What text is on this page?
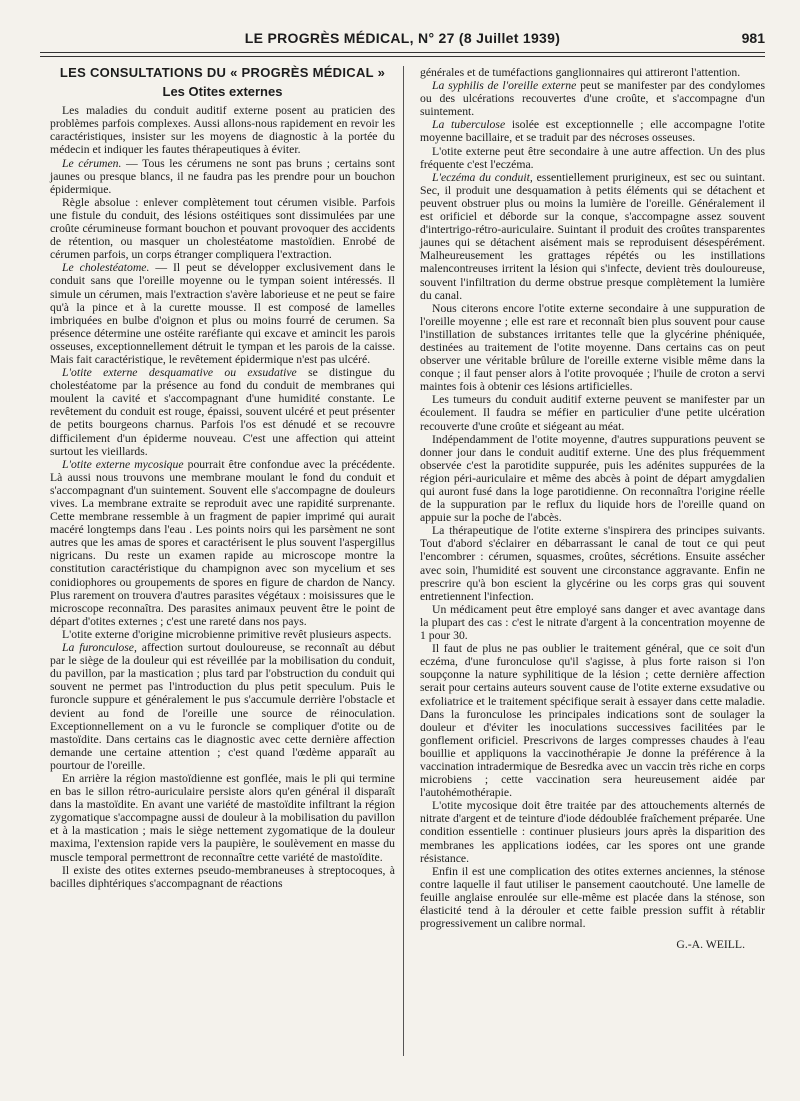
LE PROGRÈS MÉDICAL, N° 27 (8 Juillet 1939)	981
LES CONSULTATIONS DU « PROGRÈS MÉDICAL »
Les Otites externes

Les maladies du conduit auditif externe posent au praticien des problèmes parfois complexes. Aussi allons-nous rapidement en revoir les caractéristiques, insister sur les moyens de diagnostic à la portée du médecin et indiquer les fautes thérapeutiques à éviter.

Le cérumen. — Tous les cérumens ne sont pas bruns ; certains sont jaunes ou presque blancs, il ne faudra pas les prendre pour un bouchon épidermique.

Règle absolue : enlever complètement tout cérumen visible. Parfois une fistule du conduit, des lésions ostéitiques sont dissimulées par une croûte cérumineuse formant bouchon et pouvant provoquer des accidents de rétention, ou masquer un cholestéatome mastoïdien. Enrobé de cérumen parfois, un corps étranger compliquera l'extraction.

Le cholestéatome. — Il peut se développer exclusivement dans le conduit sans que l'oreille moyenne ou le tympan soient intéressés. Il simule un cérumen, mais l'extraction s'avère laborieuse et ne peut se faire qu'à la pince et à la curette mousse. Il est composé de lamelles imbriquées en bulbe d'oignon et plus ou moins fourré de cerumen. Sa présence détermine une ostéite raréfiante qui excave et amincit les parois osseuses, exceptionnellement détruit le tympan et les parois de la caisse. Mais fait caractéristique, le revêtement épidermique n'est pas ulcéré.

L'otite externe desquamative ou exsudative se distingue du cholestéatome par la présence au fond du conduit de membranes qui moulent la cavité et s'accompagnant d'une humidité constante. Le revêtement du conduit est rouge, épaissi, souvent ulcéré et peut présenter de petits bourgeons charnus. Parfois l'os est dénudé et se recouvre difficilement d'un épiderme nouveau. C'est une affection qui atteint surtout les vieillards.

L'otite externe mycosique pourrait être confondue avec la précédente. Là aussi nous trouvons une membrane moulant le fond du conduit et s'accompagnant d'un suintement. Souvent elle s'accompagne de douleurs vives. La membrane extraite se reproduit avec une rapidité surprenante. Cette membrane ressemble à un fragment de papier imprimé qui aurait macéré longtemps dans l'eau . Les points noirs qui les parsèment ne sont autres que les amas de spores et caractérisent le plus souvent l'aspergillus nigricans. Du reste un examen rapide au microscope montre la constitution caractéristique du champignon avec son mycelium et ses conidiophores ou groupements de spores en figure de chardon de Nancy. Plus rarement on trouvera d'autres parasites végétaux : moisissures que le microscope reconnaîtra. Des parasites animaux peuvent être le point de départ d'otites externes ; c'est une rareté dans nos pays.

L'otite externe d'origine microbienne primitive revêt plusieurs aspects.

La furonculose, affection surtout douloureuse, se reconnaît au début par le siège de la douleur qui est réveillée par la mobilisation du conduit, du pavillon, par la mastication ; plus tard par l'obstruction du conduit qui souvent ne permet pas l'introduction du plus petit speculum. Puis le furoncle suppure et généralement le pus s'accumule derrière l'obstacle et devient au fond de l'oreille une source de réinoculation. Exceptionnellement on a vu le furoncle se compliquer d'otite ou de mastoïdite. Dans certains cas le diagnostic avec cette dernière affection demande une certaine attention ; c'est quand l'œdème apparaît au pourtour de l'oreille.

En arrière la région mastoïdienne est gonflée, mais le pli qui termine en bas le sillon rétro-auriculaire persiste alors qu'en général il disparaît dans la mastoïdite. En avant une variété de mastoïdite infiltrant la région zygomatique s'accompagne aussi de douleur à la mobilisation du pavillon et à la mastication ; mais le siège nettement zygomatique de la douleur maxima, l'extension rapide vers la paupière, le soulèvement en masse du muscle temporal permettront de reconnaître cette variété de mastoïdite.

Il existe des otites externes pseudo-membraneuses à streptocoques, à bacilles diphtériques s'accompagnant de réactions

générales et de tuméfactions ganglionnaires qui attireront l'attention.

La syphilis de l'oreille externe peut se manifester par des condylomes ou des ulcérations recouvertes d'une croûte, et s'accompagne d'un suintement.

La tuberculose isolée est exceptionnelle ; elle accompagne l'otite moyenne bacillaire, et se traduit par des nécroses osseuses.

L'otite externe peut être secondaire à une autre affection. Un des plus fréquente c'est l'eczéma.

L'eczéma du conduit, essentiellement prurigineux, est sec ou suintant. Sec, il produit une desquamation à petits éléments qui se détachent et peuvent obstruer plus ou moins la lumière de l'oreille. Généralement il est orificiel et déborde sur la conque, s'accompagne assez souvent d'intertrigo-rétro-auriculaire. Suintant il produit des croûtes transparentes jaunes qui se détachent aisément mais se reproduisent désespérément. Malheureusement les grattages répétés ou les instillations malencontreuses irritent la lésion qui s'infecte, devient très douloureuse, souvent l'infiltration du derme obstrue presque complètement la lumière du canal.

Nous citerons encore l'otite externe secondaire à une suppuration de l'oreille moyenne ; elle est rare et reconnaît bien plus souvent pour cause l'instillation de substances irritantes telle que la glycérine phéniquée, destinées au traitement de l'otite moyenne. Dans certains cas on peut observer une véritable brûlure de l'oreille externe visible même dans la conque ; il faut penser alors à l'otite provoquée ; l'huile de croton a servi maintes fois à obtenir ces lésions artificielles.

Les tumeurs du conduit auditif externe peuvent se manifester par un écoulement. Il faudra se méfier en particulier d'une petite ulcération recouverte d'une croûte et siégeant au méat.

Indépendamment de l'otite moyenne, d'autres suppurations peuvent se donner jour dans le conduit auditif externe. Une des plus fréquemment observée c'est la parotidite suppurée, puis les adénites suppurées de la région péri-auriculaire et même des abcès à point de départ amygdalien qui auront fusé dans la loge parotidienne. On reconnaîtra l'origine réelle de la suppuration par le reflux du liquide hors de l'oreille quand on appuie sur la poche de l'abcès.

La thérapeutique de l'otite externe s'inspirera des principes suivants. Tout d'abord s'éclairer en débarrassant le canal de tout ce qui peut l'encombrer : cérumen, squasmes, croûtes, sécrétions. Ensuite assécher avec soin, l'humidité est souvent une circonstance aggravante. Enfin ne prescrire qu'à bon escient la glycérine ou les corps gras qui souvent entretiennent l'infection.

Un médicament peut être employé sans danger et avec avantage dans la plupart des cas : c'est le nitrate d'argent à la concentration moyenne de 1 pour 30.

Il faut de plus ne pas oublier le traitement général, que ce soit d'un eczéma, d'une furonculose qu'il s'agisse, à plus forte raison si l'on soupçonne la nature syphilitique de la lésion ; cette dernière affection serait pour certains auteurs souvent cause de l'otite externe exsudative ou exfoliatrice et le traitement spécifique serait à essayer dans cette maladie. Dans la furonculose les principales indications sont de soulager la douleur et d'éviter les inoculations successives facilitées par le gonflement orificiel. Prescrivons de larges compresses chaudes à l'eau bouillie et appliquons la vaccinothérapie Je donne la préférence à la vaccination intradermique de Besredka avec un vaccin très riche en corps microbiens ; cette vaccination sera heureusement aidée par l'autohémothérapie.

L'otite mycosique doit être traitée par des attouchements alternés de nitrate d'argent et de teinture d'iode dédoublée fraîchement préparée. Une condition essentielle : continuer plusieurs jours après la disparition des membranes les applications iodées, car les spores ont une grande résistance.

Enfin il est une complication des otites externes anciennes, la sténose contre laquelle il faut utiliser le pansement caoutchouté. Une lamelle de feuille anglaise enroulée sur elle-même est placée dans la sténose, son élasticité tend à la dérouler et cette faible pression suffit à rétablir progressivement un calibre normal.

G.-A. WEILL.
